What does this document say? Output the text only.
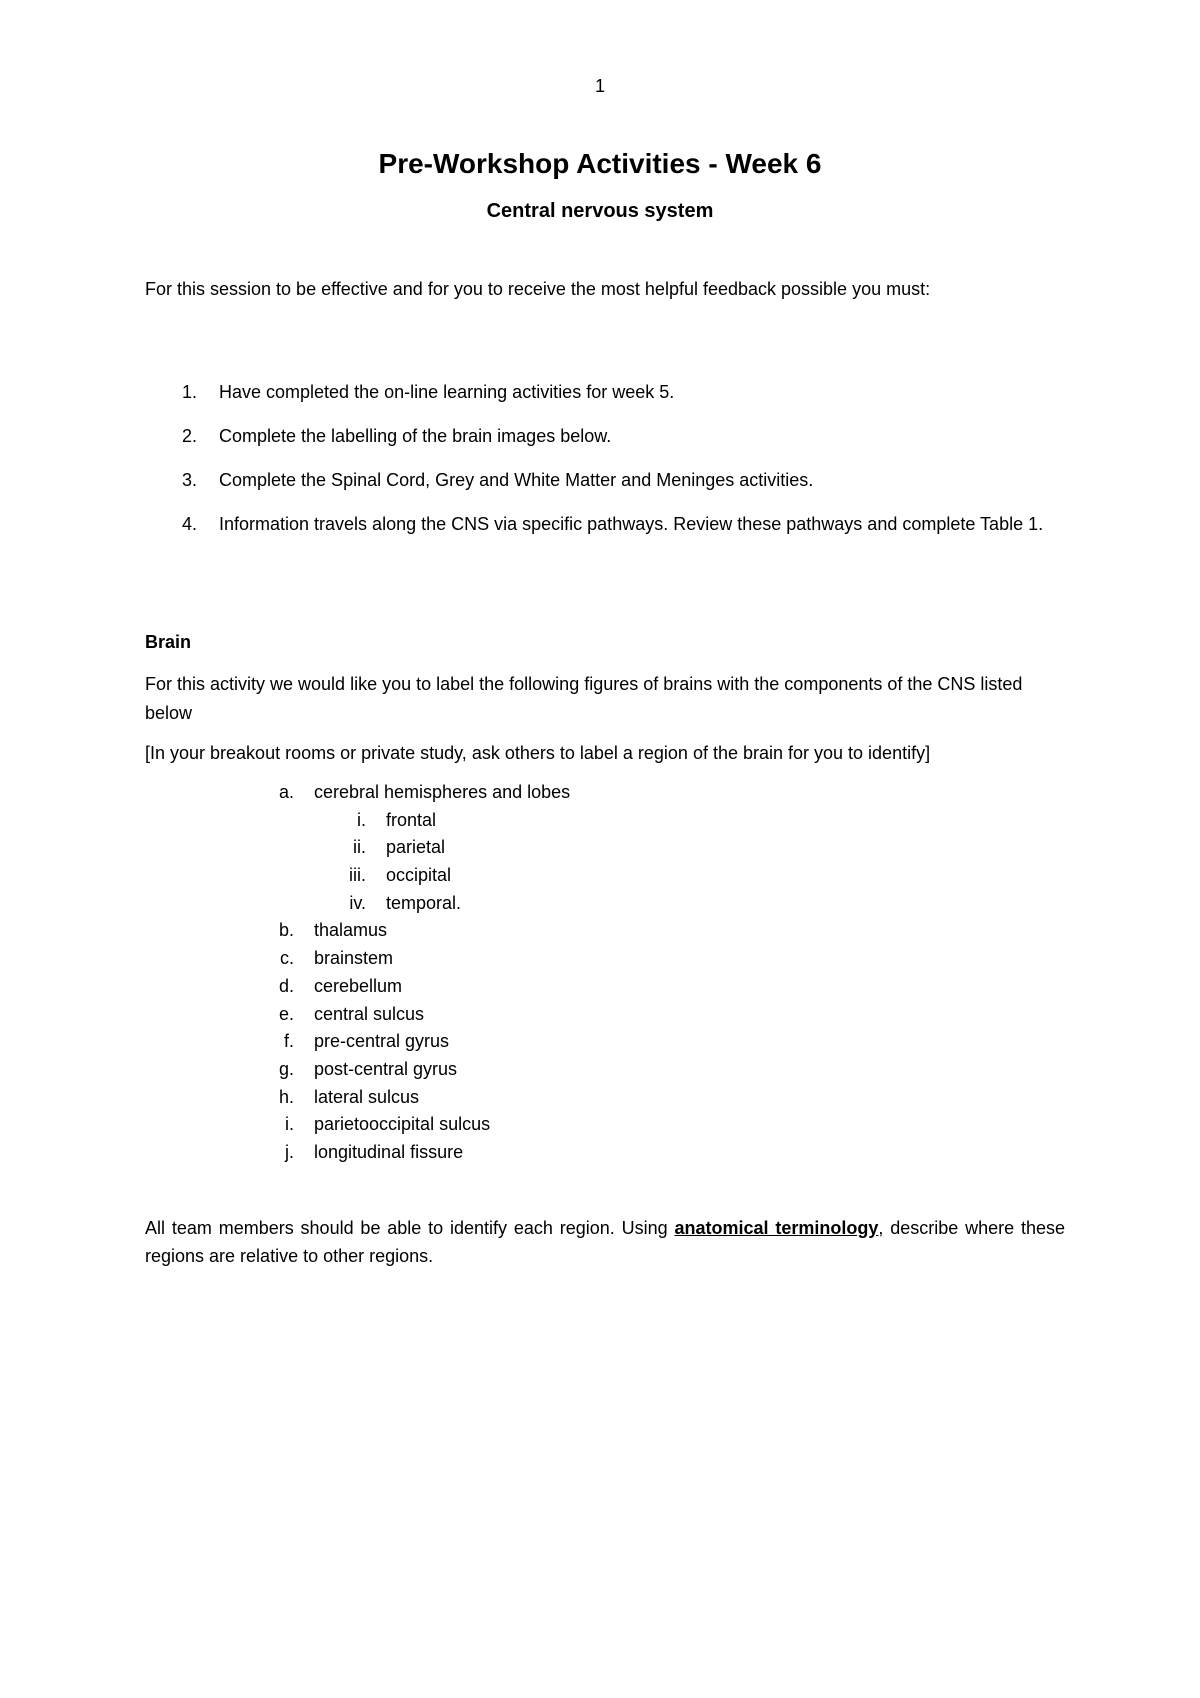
1
Pre-Workshop Activities - Week 6
Central nervous system
For this session to be effective and for you to receive the most helpful feedback possible you must:
1. Have completed the on-line learning activities for week 5.
2. Complete the labelling of the brain images below.
3. Complete the Spinal Cord, Grey and White Matter and Meninges activities.
4. Information travels along the CNS via specific pathways. Review these pathways and complete Table 1.
Brain
For this activity we would like you to label the following figures of brains with the components of the CNS listed below
[In your breakout rooms or private study, ask others to label a region of the brain for you to identify]
a. cerebral hemispheres and lobes
i. frontal
ii. parietal
iii. occipital
iv. temporal.
b. thalamus
c. brainstem
d. cerebellum
e. central sulcus
f. pre-central gyrus
g. post-central gyrus
h. lateral sulcus
i. parietooccipital sulcus
j. longitudinal fissure
All team members should be able to identify each region. Using anatomical terminology, describe where these regions are relative to other regions.
